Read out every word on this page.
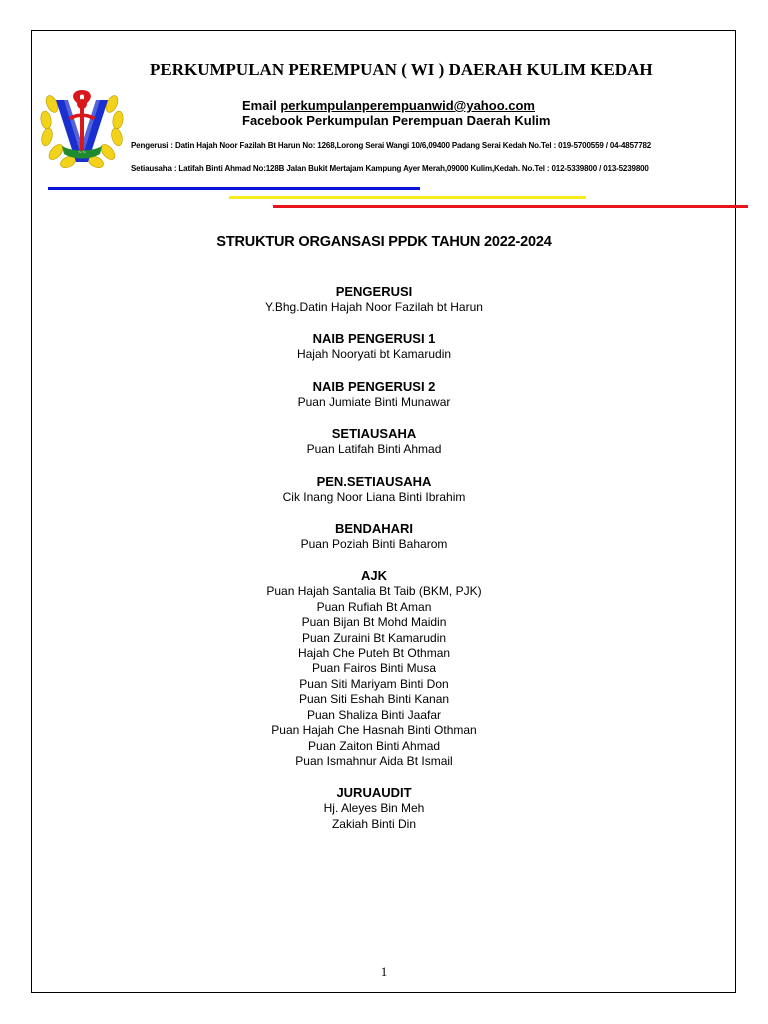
~~
PERKUMPULAN PEREMPUAN ( WI ) DAERAH KULIM KEDAH
Email perkumpulanperempuanwid@yahoo.com
Facebook Perkumpulan Perempuan Daerah Kulim
Pengerusi : Datin Hajah Noor Fazilah Bt Harun No: 1268,Lorong Serai Wangi 10/6,09400 Padang Serai Kedah No.Tel : 019-5700559 / 04-4857782
Setiausaha : Latifah Binti Ahmad No:128B Jalan Bukit Mertajam Kampung Ayer Merah,09000 Kulim,Kedah. No.Tel : 012-5339800 / 013-5239800
STRUKTUR ORGANSASI PPDK TAHUN 2022-2024
PENGERUSI
Y.Bhg.Datin Hajah Noor Fazilah bt Harun
NAIB PENGERUSI 1
Hajah Nooryati bt Kamarudin
NAIB PENGERUSI 2
Puan Jumiate Binti Munawar
SETIAUSAHA
Puan Latifah Binti Ahmad
PEN.SETIAUSAHA
Cik Inang Noor Liana Binti Ibrahim
BENDAHARI
Puan Poziah Binti Baharom
AJK
Puan Hajah Santalia Bt Taib (BKM, PJK)
Puan Rufiah Bt Aman
Puan Bijan Bt Mohd Maidin
Puan Zuraini Bt Kamarudin
Hajah Che Puteh Bt Othman
Puan Fairos Binti Musa
Puan Siti Mariyam Binti Don
Puan Siti Eshah Binti Kanan
Puan Shaliza Binti Jaafar
Puan Hajah Che Hasnah Binti Othman
Puan Zaiton Binti Ahmad
Puan Ismahnur Aida Bt Ismail
JURUAUDIT
Hj. Aleyes Bin Meh
Zakiah Binti Din
1
